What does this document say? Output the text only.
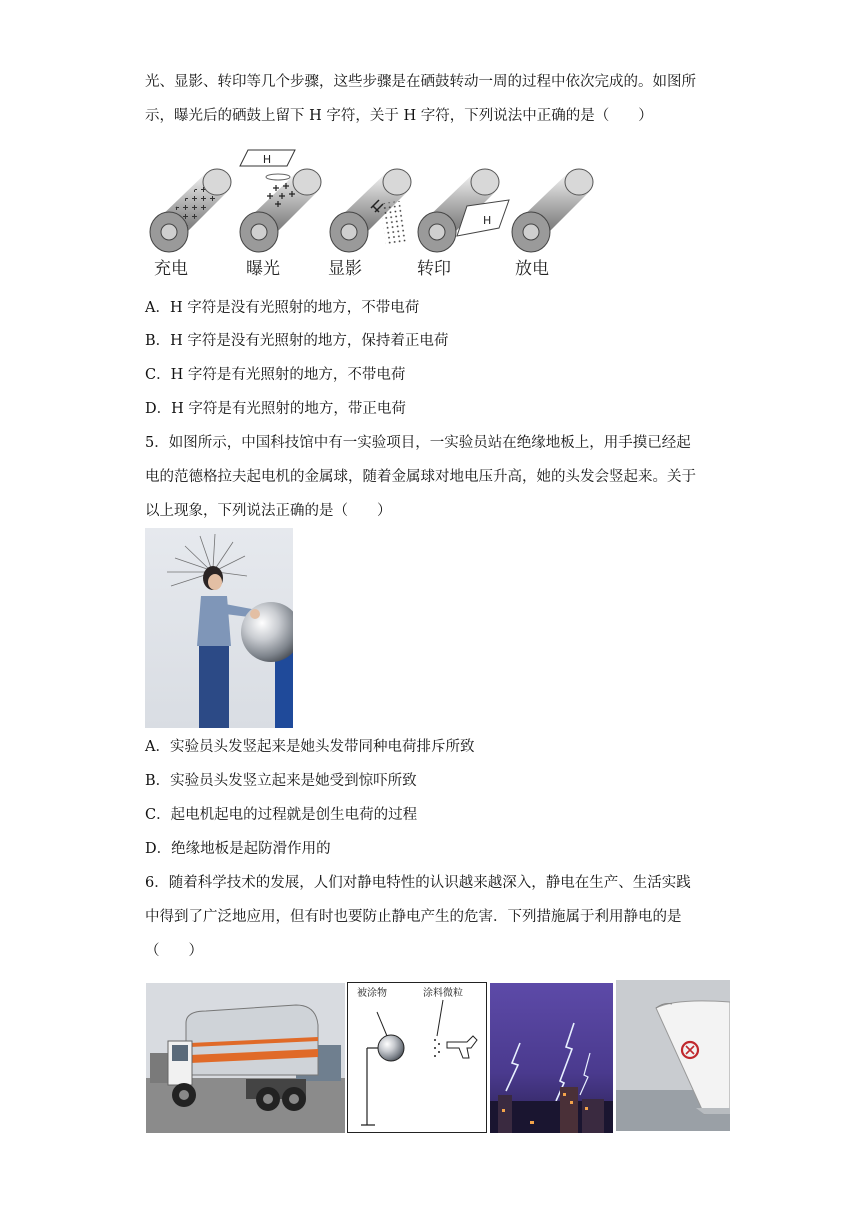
光、显影、转印等几个步骤，这些步骤是在硒鼓转动一周的过程中依次完成的。如图所
示，曝光后的硒鼓上留下 H 字符，关于 H 字符，下列说法中正确的是（　　）
H
H
充电	曝光	显影	转印	放电
A．H 字符是没有光照射的地方，不带电荷
B．H 字符是没有光照射的地方，保持着正电荷
C．H 字符是有光照射的地方，不带电荷
D．H 字符是有光照射的地方，带正电荷
5．如图所示，中国科技馆中有一实验项目，一实验员站在绝缘地板上，用手摸已经起
电的范德格拉夫起电机的金属球，随着金属球对地电压升高，她的头发会竖起来。关于
以上现象，下列说法正确的是（　　）
A．实验员头发竖起来是她头发带同种电荷排斥所致
B．实验员头发竖立起来是她受到惊吓所致
C．起电机起电的过程就是创生电荷的过程
D．绝缘地板是起防滑作用的
6．随着科学技术的发展，人们对静电特性的认识越来越深入，静电在生产、生活实践
中得到了广泛地应用，但有时也要防止静电产生的危害．下列措施属于利用静电的是
（　　）
被涂物	涂料微粒
